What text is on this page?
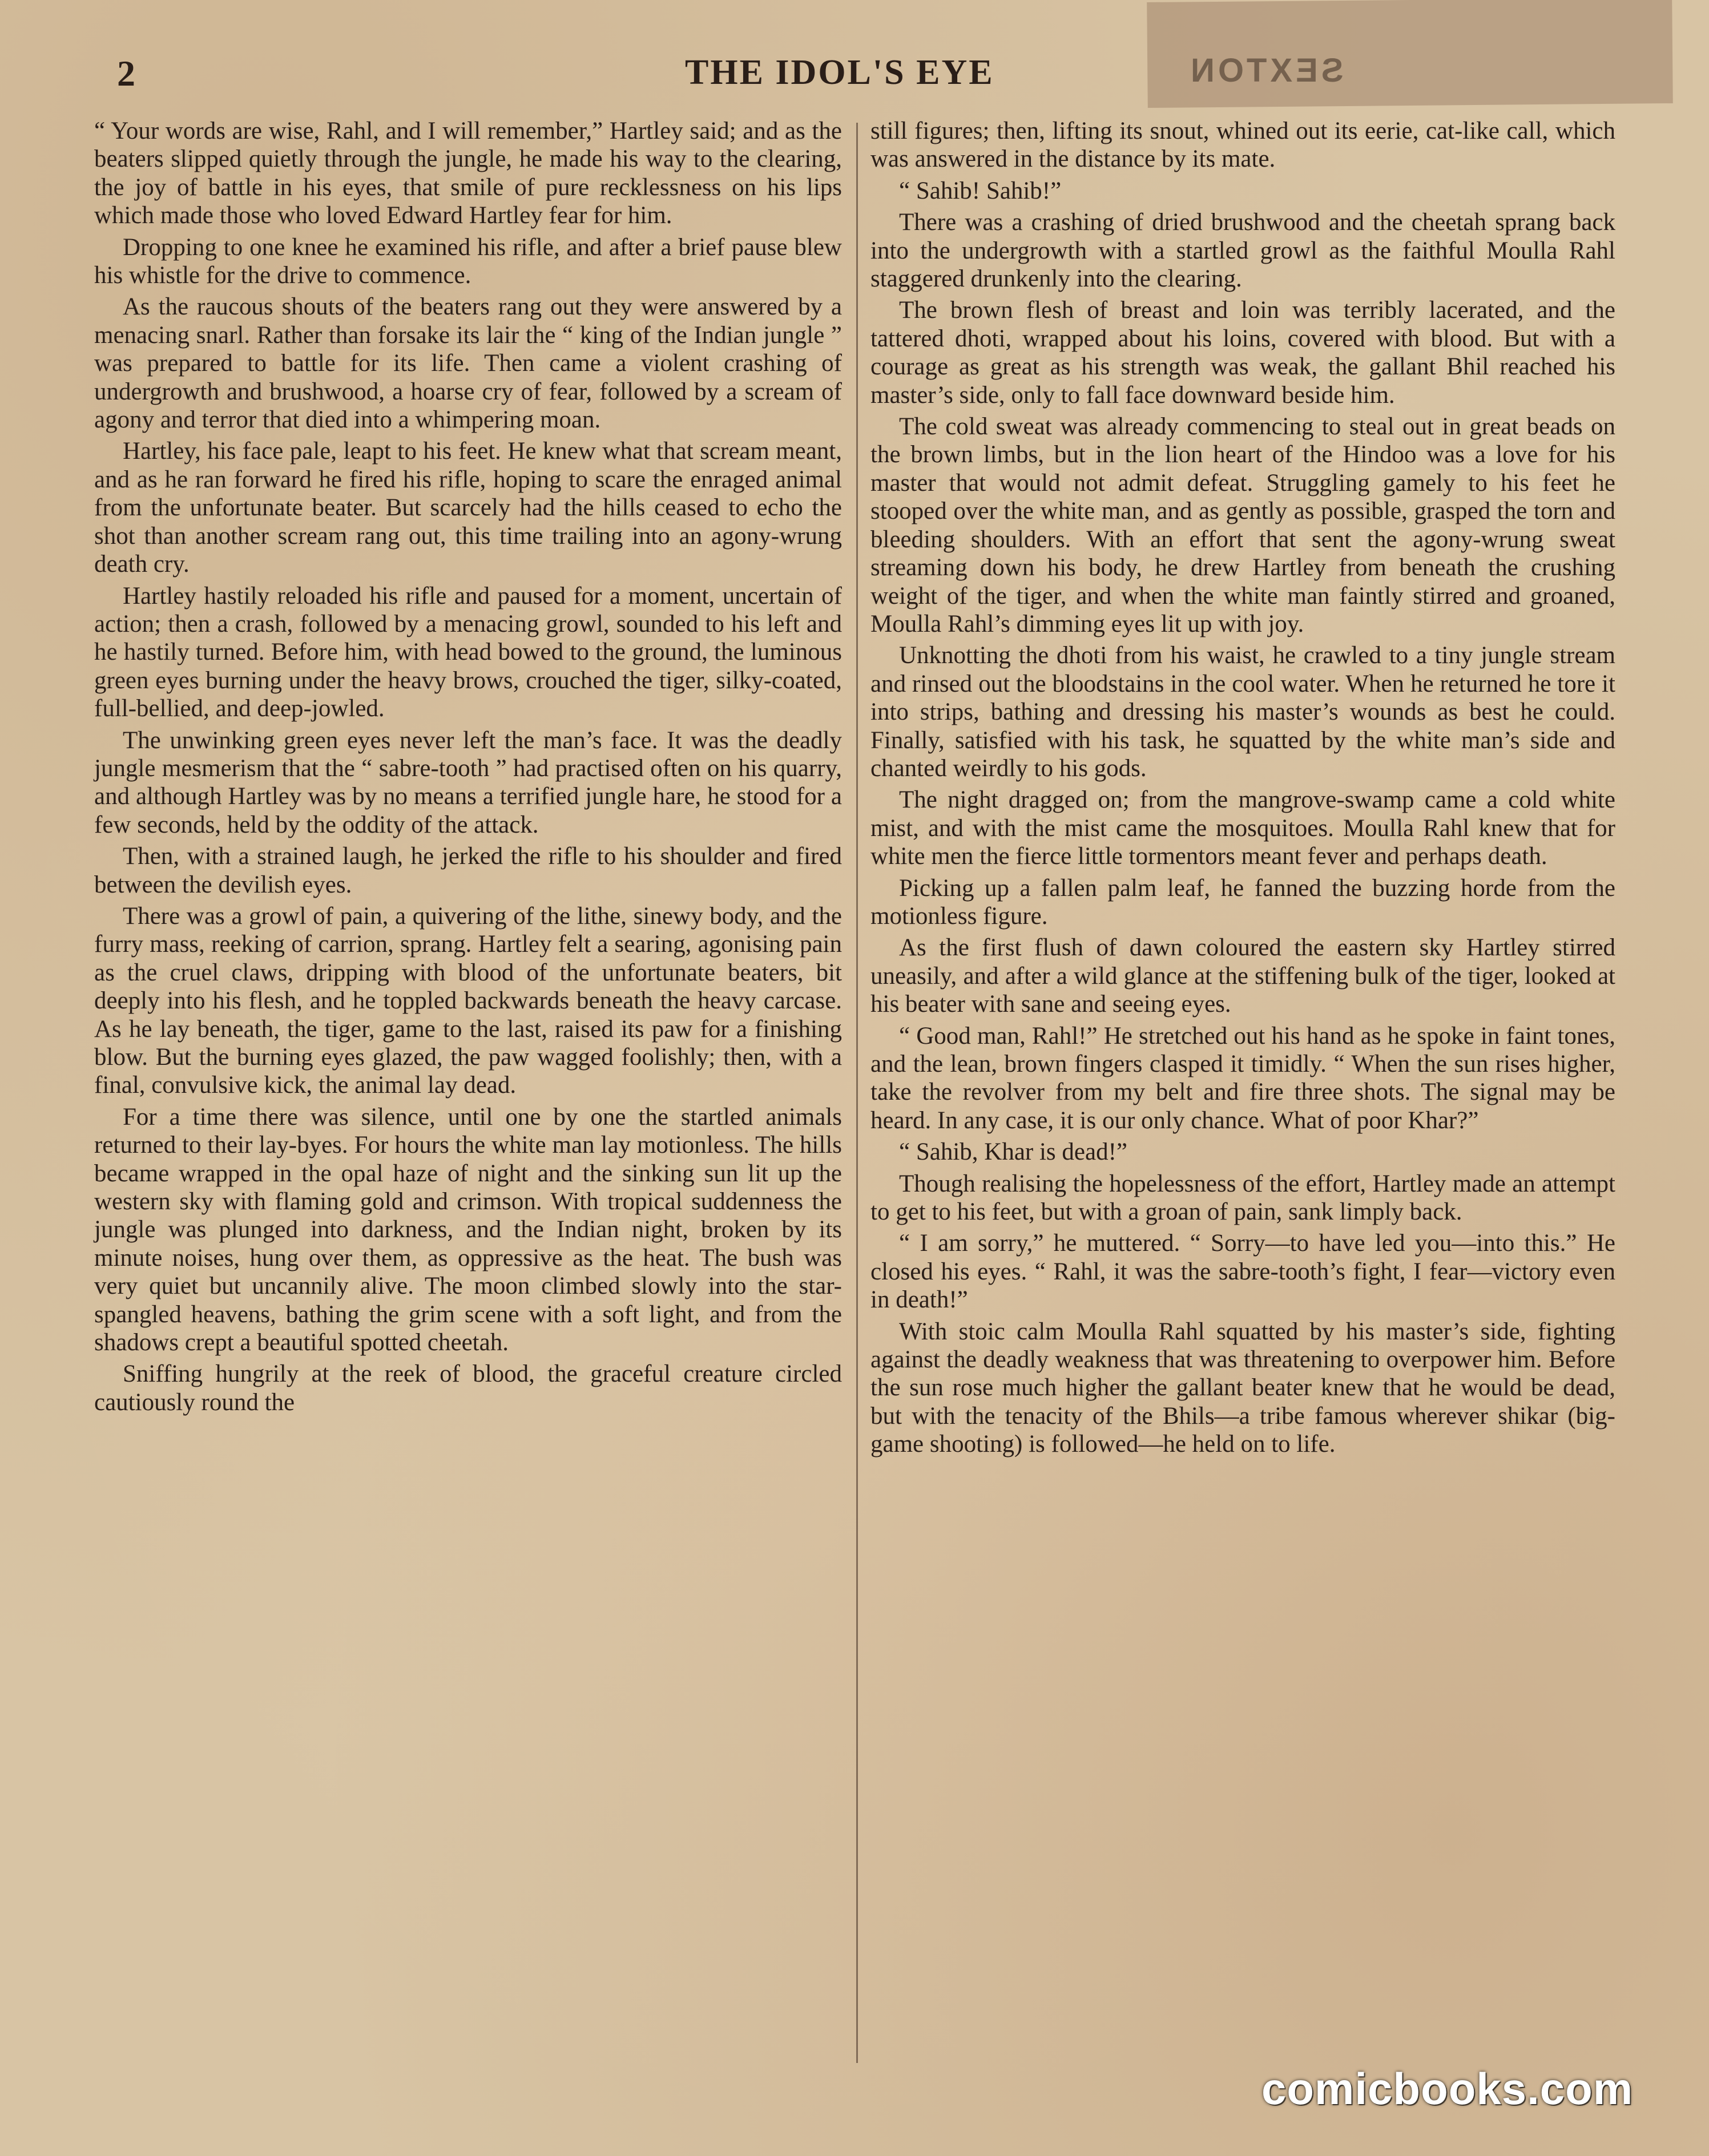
SEXTON
2	THE IDOL'S EYE

“ Your words are wise, Rahl, and I will remember,” Hartley said; and as the beaters slipped quietly through the jungle, he made his way to the clearing, the joy of battle in his eyes, that smile of pure recklessness on his lips which made those who loved Edward Hartley fear for him.

Dropping to one knee he examined his rifle, and after a brief pause blew his whistle for the drive to commence.

As the raucous shouts of the beaters rang out they were answered by a menacing snarl. Rather than forsake its lair the “ king of the Indian jungle ” was prepared to battle for its life. Then came a violent crashing of undergrowth and brushwood, a hoarse cry of fear, followed by a scream of agony and terror that died into a whimpering moan.

Hartley, his face pale, leapt to his feet. He knew what that scream meant, and as he ran forward he fired his rifle, hoping to scare the enraged animal from the unfortunate beater. But scarcely had the hills ceased to echo the shot than another scream rang out, this time trailing into an agony-wrung death cry.

Hartley hastily reloaded his rifle and paused for a moment, uncertain of action; then a crash, followed by a menacing growl, sounded to his left and he hastily turned. Before him, with head bowed to the ground, the luminous green eyes burning under the heavy brows, crouched the tiger, silky-coated, full-bellied, and deep-jowled.

The unwinking green eyes never left the man’s face. It was the deadly jungle mesmerism that the “ sabre-tooth ” had practised often on his quarry, and although Hartley was by no means a terrified jungle hare, he stood for a few seconds, held by the oddity of the attack.

Then, with a strained laugh, he jerked the rifle to his shoulder and fired between the devilish eyes.

There was a growl of pain, a quivering of the lithe, sinewy body, and the furry mass, reeking of carrion, sprang. Hartley felt a searing, agonising pain as the cruel claws, dripping with blood of the unfortunate beaters, bit deeply into his flesh, and he toppled backwards beneath the heavy carcase. As he lay beneath, the tiger, game to the last, raised its paw for a finishing blow. But the burning eyes glazed, the paw wagged foolishly; then, with a final, convulsive kick, the animal lay dead.

For a time there was silence, until one by one the startled animals returned to their lay-byes. For hours the white man lay motionless. The hills became wrapped in the opal haze of night and the sinking sun lit up the western sky with flaming gold and crimson. With tropical suddenness the jungle was plunged into darkness, and the Indian night, broken by its minute noises, hung over them, as oppressive as the heat. The bush was very quiet but uncannily alive. The moon climbed slowly into the star-spangled heavens, bathing the grim scene with a soft light, and from the shadows crept a beautiful spotted cheetah.

Sniffing hungrily at the reek of blood, the graceful creature circled cautiously round the

still figures; then, lifting its snout, whined out its eerie, cat-like call, which was answered in the distance by its mate.

“ Sahib! Sahib!”

There was a crashing of dried brushwood and the cheetah sprang back into the undergrowth with a startled growl as the faithful Moulla Rahl staggered drunkenly into the clearing.

The brown flesh of breast and loin was terribly lacerated, and the tattered dhoti, wrapped about his loins, covered with blood. But with a courage as great as his strength was weak, the gallant Bhil reached his master’s side, only to fall face downward beside him.

The cold sweat was already commencing to steal out in great beads on the brown limbs, but in the lion heart of the Hindoo was a love for his master that would not admit defeat. Struggling gamely to his feet he stooped over the white man, and as gently as possible, grasped the torn and bleeding shoulders. With an effort that sent the agony-wrung sweat streaming down his body, he drew Hartley from beneath the crushing weight of the tiger, and when the white man faintly stirred and groaned, Moulla Rahl’s dimming eyes lit up with joy.

Unknotting the dhoti from his waist, he crawled to a tiny jungle stream and rinsed out the bloodstains in the cool water. When he returned he tore it into strips, bathing and dressing his master’s wounds as best he could. Finally, satisfied with his task, he squatted by the white man’s side and chanted weirdly to his gods.

The night dragged on; from the mangrove-swamp came a cold white mist, and with the mist came the mosquitoes. Moulla Rahl knew that for white men the fierce little tormentors meant fever and perhaps death.

Picking up a fallen palm leaf, he fanned the buzzing horde from the motionless figure.

As the first flush of dawn coloured the eastern sky Hartley stirred uneasily, and after a wild glance at the stiffening bulk of the tiger, looked at his beater with sane and seeing eyes.

“ Good man, Rahl!” He stretched out his hand as he spoke in faint tones, and the lean, brown fingers clasped it timidly. “ When the sun rises higher, take the revolver from my belt and fire three shots. The signal may be heard. In any case, it is our only chance. What of poor Khar?”

“ Sahib, Khar is dead!”

Though realising the hopelessness of the effort, Hartley made an attempt to get to his feet, but with a groan of pain, sank limply back.

“ I am sorry,” he muttered. “ Sorry—to have led you—into this.” He closed his eyes. “ Rahl, it was the sabre-tooth’s fight, I fear—victory even in death!”

With stoic calm Moulla Rahl squatted by his master’s side, fighting against the deadly weakness that was threatening to overpower him. Before the sun rose much higher the gallant beater knew that he would be dead, but with the tenacity of the Bhils—a tribe famous wherever shikar (big-game shooting) is followed—he held on to life.

comicbooks.com
